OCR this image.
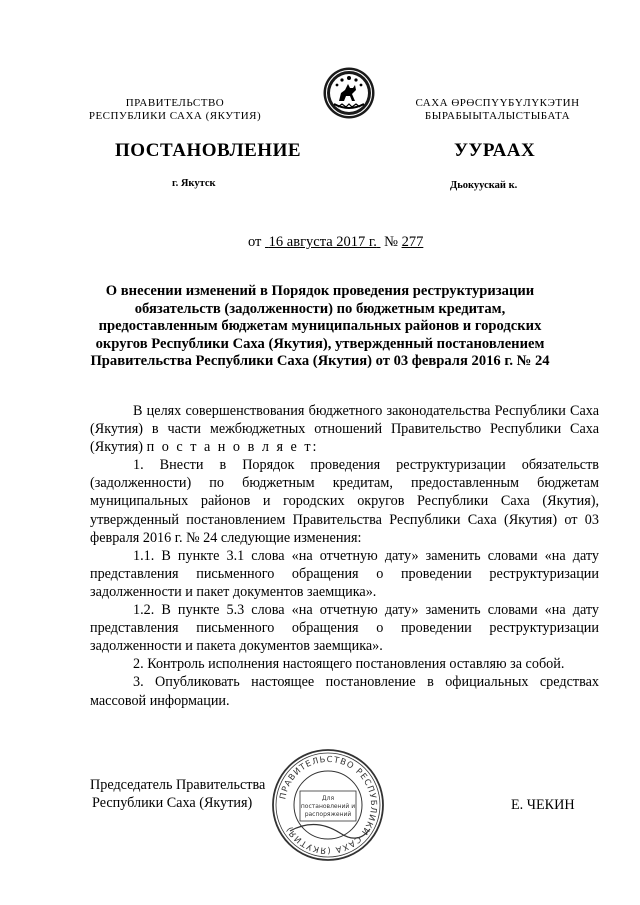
ПРАВИТЕЛЬСТВО
РЕСПУБЛИКИ САХА (ЯКУТИЯ)
САХА ӨРӨСПҮҮБҮЛҮКЭТИН
БЫРАБЫЫТАЛЫСТЫБАТА
ПОСТАНОВЛЕНИЕ	УУРААХ
г. Якутск	Дьокуускай к.
от 16 августа 2017 г. № 277
О внесении изменений в Порядок проведения реструктуризации
обязательств (задолженности) по бюджетным кредитам,
предоставленным бюджетам муниципальных районов и городских
округов Республики Саха (Якутия), утвержденный постановлением
Правительства Республики Саха (Якутия) от 03 февраля 2016 г. № 24

В целях совершенствования бюджетного законодательства Республики Саха (Якутия) в части межбюджетных отношений Правительство Республики Саха (Якутия) п о с т а н о в л я е т:

1. Внести в Порядок проведения реструктуризации обязательств (задолженности) по бюджетным кредитам, предоставленным бюджетам муниципальных районов и городских округов Республики Саха (Якутия), утвержденный постановлением Правительства Республики Саха (Якутия) от 03 февраля 2016 г. № 24 следующие изменения:

1.1. В пункте 3.1 слова «на отчетную дату» заменить словами «на дату представления письменного обращения о проведении реструктуризации задолженности и пакет документов заемщика».

1.2. В пункте 5.3 слова «на отчетную дату» заменить словами «на дату представления письменного обращения о проведении реструктуризации задолженности и пакета документов заемщика».

2. Контроль исполнения настоящего постановления оставляю за собой.

3. Опубликовать настоящее постановление в официальных средствах массовой информации.

Председатель Правительства
Республики Саха (Якутия)	ПРАВИТЕЛЬСТВО РЕСПУБЛИКИ САХА (ЯКУТИЯ)
Для
постановлений и
распоряжений
Е. ЧЕКИН
